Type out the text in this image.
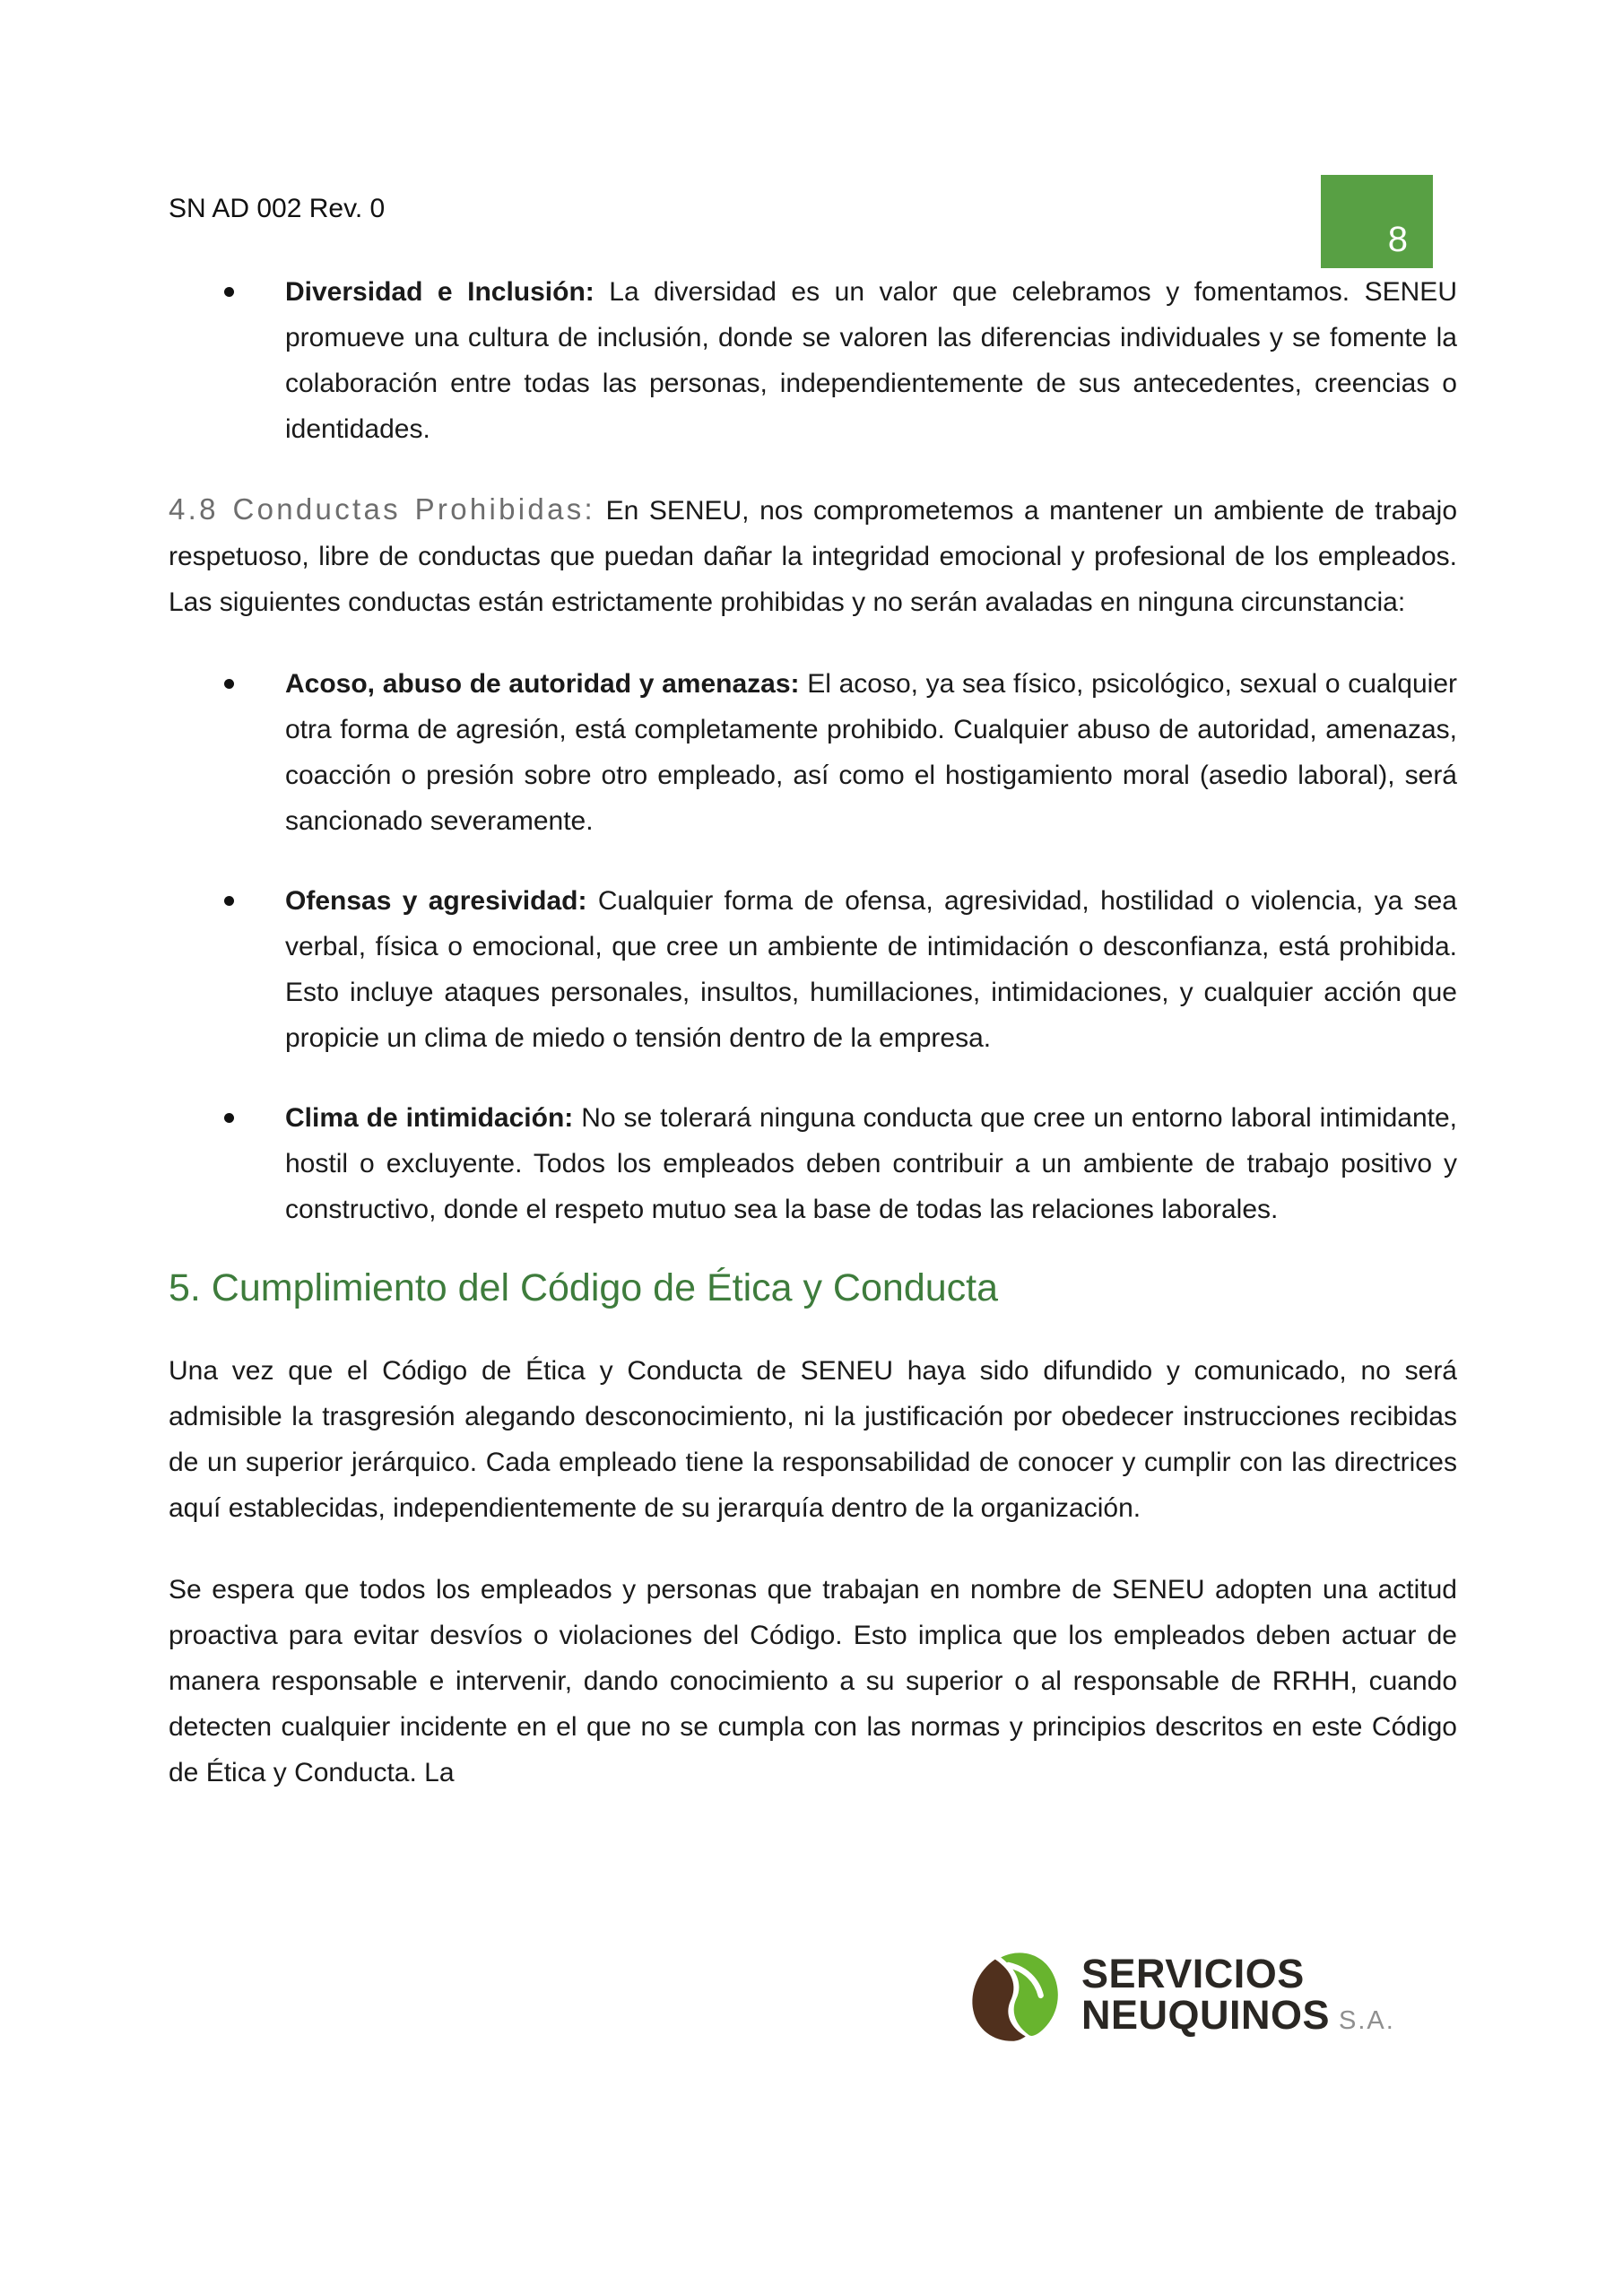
SN AD 002 Rev. 0
8

Diversidad e Inclusión: La diversidad es un valor que celebramos y fomentamos. SENEU promueve una cultura de inclusión, donde se valoren las diferencias individuales y se fomente la colaboración entre todas las personas, independientemente de sus antecedentes, creencias o identidades.

4.8 Conductas Prohibidas: En SENEU, nos comprometemos a mantener un ambiente de trabajo respetuoso, libre de conductas que puedan dañar la integridad emocional y profesional de los empleados. Las siguientes conductas están estrictamente prohibidas y no serán avaladas en ninguna circunstancia:

Acoso, abuso de autoridad y amenazas: El acoso, ya sea físico, psicológico, sexual o cualquier otra forma de agresión, está completamente prohibido. Cualquier abuso de autoridad, amenazas, coacción o presión sobre otro empleado, así como el hostigamiento moral (asedio laboral), será sancionado severamente.

Ofensas y agresividad: Cualquier forma de ofensa, agresividad, hostilidad o violencia, ya sea verbal, física o emocional, que cree un ambiente de intimidación o desconfianza, está prohibida. Esto incluye ataques personales, insultos, humillaciones, intimidaciones, y cualquier acción que propicie un clima de miedo o tensión dentro de la empresa.

Clima de intimidación: No se tolerará ninguna conducta que cree un entorno laboral intimidante, hostil o excluyente. Todos los empleados deben contribuir a un ambiente de trabajo positivo y constructivo, donde el respeto mutuo sea la base de todas las relaciones laborales.

5. Cumplimiento del Código de Ética y Conducta

Una vez que el Código de Ética y Conducta de SENEU haya sido difundido y comunicado, no será admisible la trasgresión alegando desconocimiento, ni la justificación por obedecer instrucciones recibidas de un superior jerárquico. Cada empleado tiene la responsabilidad de conocer y cumplir con las directrices aquí establecidas, independientemente de su jerarquía dentro de la organización.

Se espera que todos los empleados y personas que trabajan en nombre de SENEU adopten una actitud proactiva para evitar desvíos o violaciones del Código. Esto implica que los empleados deben actuar de manera responsable e intervenir, dando conocimiento a su superior o al responsable de RRHH, cuando detecten cualquier incidente en el que no se cumpla con las normas y principios descritos en este Código de Ética y Conducta. La

SERVICIOS
NEUQUINOS S.A.
